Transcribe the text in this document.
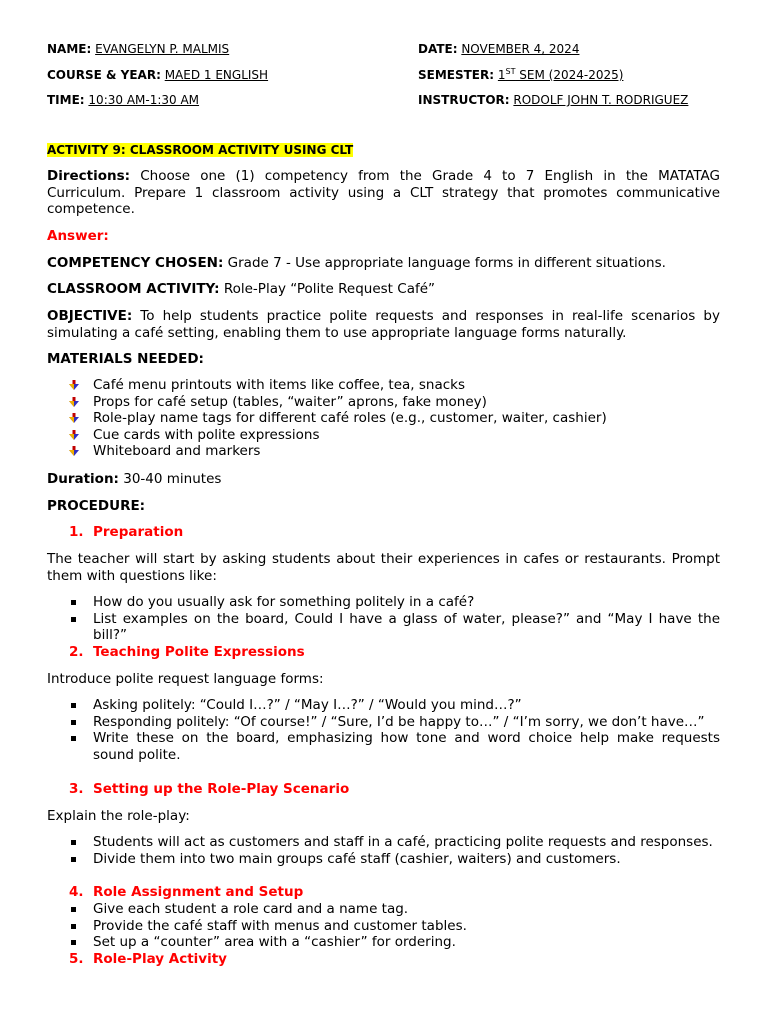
NAME: EVANGELYN P. MALMIS	DATE: NOVEMBER 4, 2024
COURSE & YEAR: MAED 1 ENGLISH	SEMESTER: 1ST SEM (2024-2025)
TIME: 10:30 AM-1:30 AM	INSTRUCTOR: RODOLF JOHN T. RODRIGUEZ
ACTIVITY 9: CLASSROOM ACTIVITY USING CLT
Directions: Choose one (1) competency from the Grade 4 to 7 English in the MATATAG Curriculum. Prepare 1 classroom activity using a CLT strategy that promotes communicative competence.
Answer:
COMPETENCY CHOSEN: Grade 7 - Use appropriate language forms in different situations.
CLASSROOM ACTIVITY: Role-Play “Polite Request Café”
OBJECTIVE: To help students practice polite requests and responses in real-life scenarios by simulating a café setting, enabling them to use appropriate language forms naturally.
MATERIALS NEEDED:
Café menu printouts with items like coffee, tea, snacks
Props for café setup (tables, “waiter” aprons, fake money)
Role-play name tags for different café roles (e.g., customer, waiter, cashier)
Cue cards with polite expressions
Whiteboard and markers
Duration: 30-40 minutes
PROCEDURE:
1. Preparation
The teacher will start by asking students about their experiences in cafes or restaurants. Prompt them with questions like:
How do you usually ask for something politely in a café?
List examples on the board, Could I have a glass of water, please?” and “May I have the bill?”
2. Teaching Polite Expressions
Introduce polite request language forms:
Asking politely: “Could I…?” / “May I…?” / “Would you mind…?”
Responding politely: “Of course!” / “Sure, I’d be happy to…” / “I’m sorry, we don’t have…”
Write these on the board, emphasizing how tone and word choice help make requests sound polite.
3. Setting up the Role-Play Scenario
Explain the role-play:
Students will act as customers and staff in a café, practicing polite requests and responses.
Divide them into two main groups café staff (cashier, waiters) and customers.
4. Role Assignment and Setup
Give each student a role card and a name tag.
Provide the café staff with menus and customer tables.
Set up a “counter” area with a “cashier” for ordering.
5. Role-Play Activity
